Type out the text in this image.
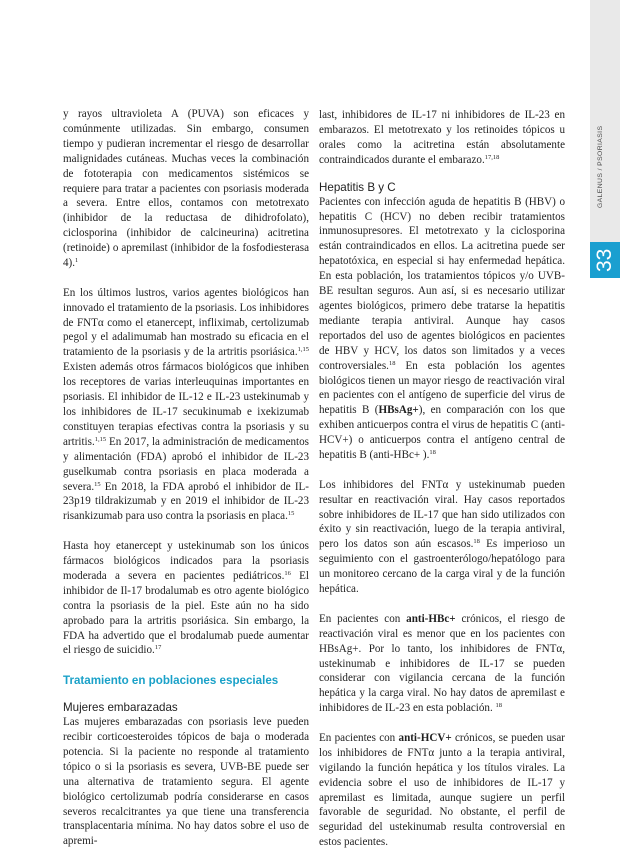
GALENUS / PSORIASIS
33

y rayos ultravioleta A (PUVA) son eficaces y comúnmente utilizadas. Sin embargo, consumen tiempo y pudieran incrementar el riesgo de desarrollar malignidades cutáneas. Muchas veces la combinación de fototerapia con medicamentos sistémicos se requiere para tratar a pacientes con psoriasis moderada a severa. Entre ellos, contamos con metotrexato (inhibidor de la reductasa de dihidrofolato), ciclosporina (inhibidor de calcineurina) acitretina (retinoide) o apremilast (inhibidor de la fosfodiesterasa 4).$^1$

En los últimos lustros, varios agentes biológicos han innovado el tratamiento de la psoriasis. Los inhibidores de FNTα como el etanercept, infliximab, certolizumab pegol y el adalimumab han mostrado su eficacia en el tratamiento de la psoriasis y de la artritis psoriásica.$^{1,15}$ Existen además otros fármacos biológicos que inhiben los receptores de varias interleuquinas importantes en psoriasis. El inhibidor de IL-12 e IL-23 ustekinumab y los inhibidores de IL-17 secukinumab e ixekizumab constituyen terapias efectivas contra la psoriasis y su artritis.$^{1,15}$ En 2017, la administración de medicamentos y alimentación (FDA) aprobó el inhibidor de IL-23 guselkumab contra psoriasis en placa moderada a severa.$^{15}$ En 2018, la FDA aprobó el inhibidor de IL-23p19 tildrakizumab y en 2019 el inhibidor de IL-23 risankizumab para uso contra la psoriasis en placa.$^{15}$

Hasta hoy etanercept y ustekinumab son los únicos fármacos biológicos indicados para la psoriasis moderada a severa en pacientes pediátricos.$^{16}$ El inhibidor de Il-17 brodalumab es otro agente biológico contra la psoriasis de la piel. Este aún no ha sido aprobado para la artritis psoriásica. Sin embargo, la FDA ha advertido que el brodalumab puede aumentar el riesgo de suicidio.$^{17}$

Tratamiento en poblaciones especiales

Mujeres embarazadas

Las mujeres embarazadas con psoriasis leve pueden recibir corticoesteroides tópicos de baja o moderada potencia. Si la paciente no responde al tratamiento tópico o si la psoriasis es severa, UVB-BE puede ser una alternativa de tratamiento segura. El agente biológico certolizumab podría considerarse en casos severos recalcitrantes ya que tiene una transferencia transplacentaria mínima. No hay datos sobre el uso de apremi-

last, inhibidores de IL-17 ni inhibidores de IL-23 en embarazos. El metotrexato y los retinoides tópicos u orales como la acitretina están absolutamente contraindicados durante el embarazo.$^{17,18}$

Hepatitis B y C

Pacientes con infección aguda de hepatitis B (HBV) o hepatitis C (HCV) no deben recibir tratamientos inmunosupresores. El metotrexato y la ciclosporina están contraindicados en ellos. La acitretina puede ser hepatotóxica, en especial si hay enfermedad hepática. En esta población, los tratamientos tópicos y/o UVB- BE resultan seguros. Aun así, si es necesario utilizar agentes biológicos, primero debe tratarse la hepatitis mediante terapia antiviral. Aunque hay casos reportados del uso de agentes biológicos en pacientes de HBV y HCV, los datos son limitados y a veces controversiales.$^{18}$ En esta población los agentes biológicos tienen un mayor riesgo de reactivación viral en pacientes con el antígeno de superficie del virus de hepatitis B (HBsAg+), en comparación con los que exhiben anticuerpos contra el virus de hepatitis C (anti-HCV+) o anticuerpos contra el antígeno central de hepatitis B (anti-HBc+ ).$^{18}$

Los inhibidores del FNTα y ustekinumab pueden resultar en reactivación viral. Hay casos reportados sobre inhibidores de IL-17 que han sido utilizados con éxito y sin reactivación, luego de la terapia antiviral, pero los datos son aún escasos.$^{18}$ Es imperioso un seguimiento con el gastroenterólogo/hepatólogo para un monitoreo cercano de la carga viral y de la función hepática.

En pacientes con anti-HBc+ crónicos, el riesgo de reactivación viral es menor que en los pacientes con HBsAg+. Por lo tanto, los inhibidores de FNTα, ustekinumab e inhibidores de IL-17 se pueden considerar con vigilancia cercana de la función hepática y la carga viral. No hay datos de apremilast e inhibidores de IL-23 en esta población. $^{18}$

En pacientes con anti-HCV+ crónicos, se pueden usar los inhibidores de FNTα junto a la terapia antiviral, vigilando la función hepática y los títulos virales. La evidencia sobre el uso de inhibidores de IL-17 y apremilast es limitada, aunque sugiere un perfil favorable de seguridad. No obstante, el perfil de seguridad del ustekinumab resulta controversial en estos pacientes.
